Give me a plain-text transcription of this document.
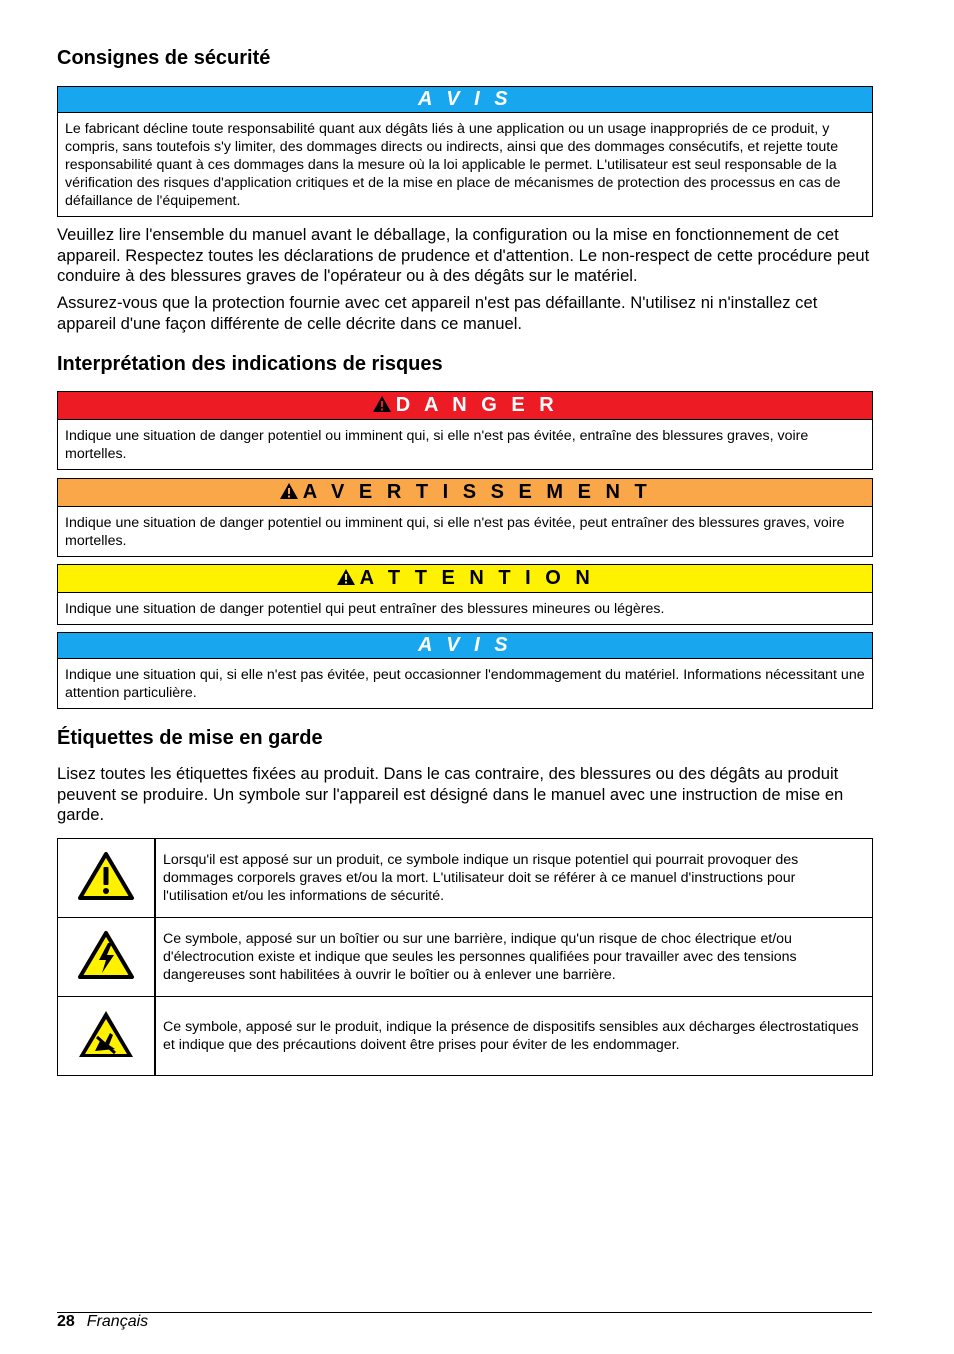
Consignes de sécurité
A V I S
Le fabricant décline toute responsabilité quant aux dégâts liés à une application ou un usage inappropriés de ce produit, y compris, sans toutefois s'y limiter, des dommages directs ou indirects, ainsi que des dommages consécutifs, et rejette toute responsabilité quant à ces dommages dans la mesure où la loi applicable le permet. L'utilisateur est seul responsable de la vérification des risques d'application critiques et de la mise en place de mécanismes de protection des processus en cas de défaillance de l'équipement.

Veuillez lire l'ensemble du manuel avant le déballage, la configuration ou la mise en fonctionnement de cet appareil. Respectez toutes les déclarations de prudence et d'attention. Le non-respect de cette procédure peut conduire à des blessures graves de l'opérateur ou à des dégâts sur le matériel.

Assurez-vous que la protection fournie avec cet appareil n'est pas défaillante. N'utilisez ni n'installez cet appareil d'une façon différente de celle décrite dans ce manuel.

Interprétation des indications de risques
D A N G E R
Indique une situation de danger potentiel ou imminent qui, si elle n'est pas évitée, entraîne des blessures graves, voire mortelles.
A V E R T I S S E M E N T
Indique une situation de danger potentiel ou imminent qui, si elle n'est pas évitée, peut entraîner des blessures graves, voire mortelles.
A T T E N T I O N
Indique une situation de danger potentiel qui peut entraîner des blessures mineures ou légères.
A V I S
Indique une situation qui, si elle n'est pas évitée, peut occasionner l'endommagement du matériel. Informations nécessitant une attention particulière.
Étiquettes de mise en garde

Lisez toutes les étiquettes fixées au produit. Dans le cas contraire, des blessures ou des dégâts au produit peuvent se produire. Un symbole sur l'appareil est désigné dans le manuel avec une instruction de mise en garde.

	Lorsqu'il est apposé sur un produit, ce symbole indique un risque potentiel qui pourrait provoquer des dommages corporels graves et/ou la mort. L'utilisateur doit se référer à ce manuel d'instructions pour l'utilisation et/ou les informations de sécurité.
	Ce symbole, apposé sur un boîtier ou sur une barrière, indique qu'un risque de choc électrique et/ou d'électrocution existe et indique que seules les personnes qualifiées pour travailler avec des tensions dangereuses sont habilitées à ouvrir le boîtier ou à enlever une barrière.
	Ce symbole, apposé sur le produit, indique la présence de dispositifs sensibles aux décharges électrostatiques et indique que des précautions doivent être prises pour éviter de les endommager.
28 Français
